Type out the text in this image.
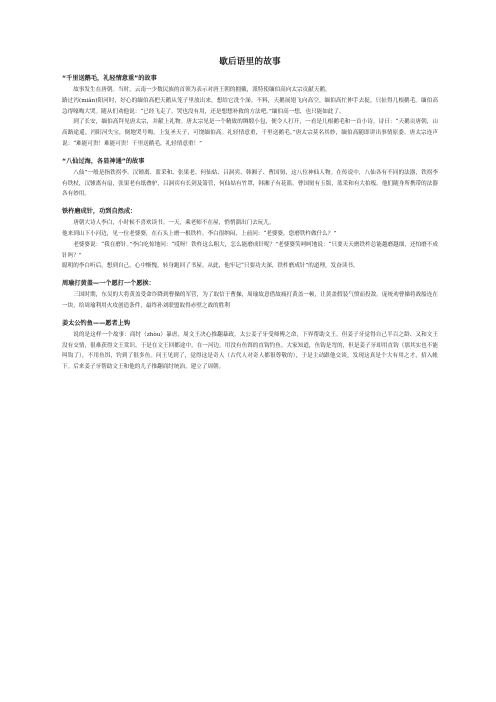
歇后语里的故事
“千里送鹅毛，礼轻情意重”的故事

故事发生在唐朝。当时，云南一少数民族的首领为表示对唐王朝的拥戴，派特使缅伯高向太宗贡献天鹅。

路过沔(miǎn)阳河时，好心的缅伯高把天鹅从笼子里放出来，想给它洗个澡。不料，天鹅展翅飞向高空。缅伯高忙伸手去捉，只扯得几根鹅毛。缅伯高急得嚎啕大哭。随从们劝他说：“已经飞走了，哭也没有用，还是想想补救的方法吧。”缅伯高一想，也只能如此了。

到了长安，缅伯高拜见唐太宗，并献上礼物。唐太宗见是一个精致的绸缎小包，便令人打开，一看是几根鹅毛和一首小诗。诗曰：“天鹅贡唐朝，山高路途遥。沔阳河失宝，倒地哭号啕。上复圣天子，可饶缅伯高。礼轻情意重，千里送鹅毛。”唐太宗莫名其妙，缅伯高随即讲出事情原委。唐太宗连声说：“难能可贵！难能可贵！千里送鹅毛，礼轻情意重！”

“八仙过海，各显神通”的故事

八仙”一般是指铁拐李、汉锺离、蓝采和、张果老、何仙姑、吕洞宾、韩湘子、曹国舅，这八位神仙人物。在传说中，八仙各有不同的法器，铁拐李有铁杖，汉锺离有扇，张果老有纸叠驴，吕洞宾有长剑及箫管，何仙姑有竹罩，韩湘子有花篮，曹国舅有玉版，蓝采和有大拍板。他们随身所携带的法器各有妙用。

铁杵磨成针，功到自然成：

唐朝大诗人李白，小时候不喜欢读书。一天，乘老师不在屋，悄悄溜出门去玩儿。

他来到山下小河边，见一位老婆婆，在石头上磨一根铁杵。李白很纳闷，上前问：“老婆婆，您磨铁杵做什么？”

老婆婆说：“我在磨针。”李白吃惊地问：“哎呀！铁杵这么粗大，怎么能磨成针呢？”老婆婆笑呵呵地说：“只要天天磨铁杵总能越磨越细，还怕磨不成针吗？”

聪明的李白听后，想到自己，心中惭愧，转身跑回了书屋。从此，他牢记“只要功夫深，铁杵磨成针”的道理，发奋读书。

周瑜打黄盖—一个愿打一个愿挨：

三国时期，东吴的大将黄盖受命诈降到曹操的军营，为了取信于曹操，周瑜故意借故痛打黄盖一顿，让黄盖假装气愤而投敌。庞统劝曹操将战船连在一块，给周瑜利用火攻创造条件，最终孙刘联盟取得赤壁之战的胜利

姜太公钓鱼——愿者上钩

说的是这样一个故事：商纣（zhòu）暴虐，周文王决心推翻暴政。太公姜子牙受师傅之命，下界帮助文王。但姜子牙觉得自己半百之龄、又和文王没有交情，很难获得文王赏识。于是在文王回都途中，在一河边，用没有鱼饵的直钩钓鱼。大家知道，鱼钩是弯的，但是姜子牙却用直钩（那其实也不能叫钩了），不用鱼饵，钓到了很多鱼。问王见到了，觉得这是奇人（古代人对奇人都很尊敬的），于是主动跟他交谈，发现这真是个大有用之才，招入帐下。后来姜子牙帮助文王和他的儿子推翻商纣统治，建立了周朝。
